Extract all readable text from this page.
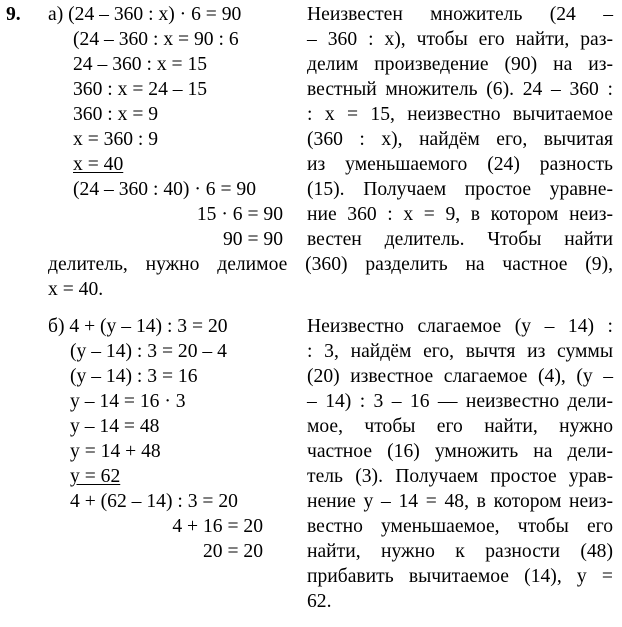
9. а) (24 – 360 : x) · 6 = 90
(24 – 360 : x = 90 : 6
24 – 360 : x = 15
360 : x = 24 – 15
360 : x = 9
x = 360 : 9
x = 40
(24 – 360 : 40) · 6 = 90
15 · 6 = 90
90 = 90
Неизвестен множитель (24 –
– 360 : x), чтобы его найти, раз-
делим произведение (90) на из-
вестный множитель (6). 24 – 360 :
: x = 15, неизвестно вычитаемое
(360 : x), найдём его, вычитая
из уменьшаемого (24) разность
(15). Получаем простое уравне-
ние 360 : x = 9, в котором неиз-
вестен делитель. Чтобы найти
делитель, нужно делимое (360) разделить на частное (9),
x = 40.
б) 4 + (y – 14) : 3 = 20
(y – 14) : 3 = 20 – 4
(y – 14) : 3 = 16
y – 14 = 16 · 3
y – 14 = 48
y = 14 + 48
y = 62
4 + (62 – 14) : 3 = 20
4 + 16 = 20
20 = 20
Неизвестно слагаемое (y – 14) :
: 3, найдём его, вычтя из суммы
(20) известное слагаемое (4), (y –
– 14) : 3 – 16 — неизвестно дели-
мое, чтобы его найти, нужно
частное (16) умножить на дели-
тель (3). Получаем простое урав-
нение y – 14 = 48, в котором неиз-
вестно уменьшаемое, чтобы его
найти, нужно к разности (48)
прибавить вычитаемое (14), y =
62.
